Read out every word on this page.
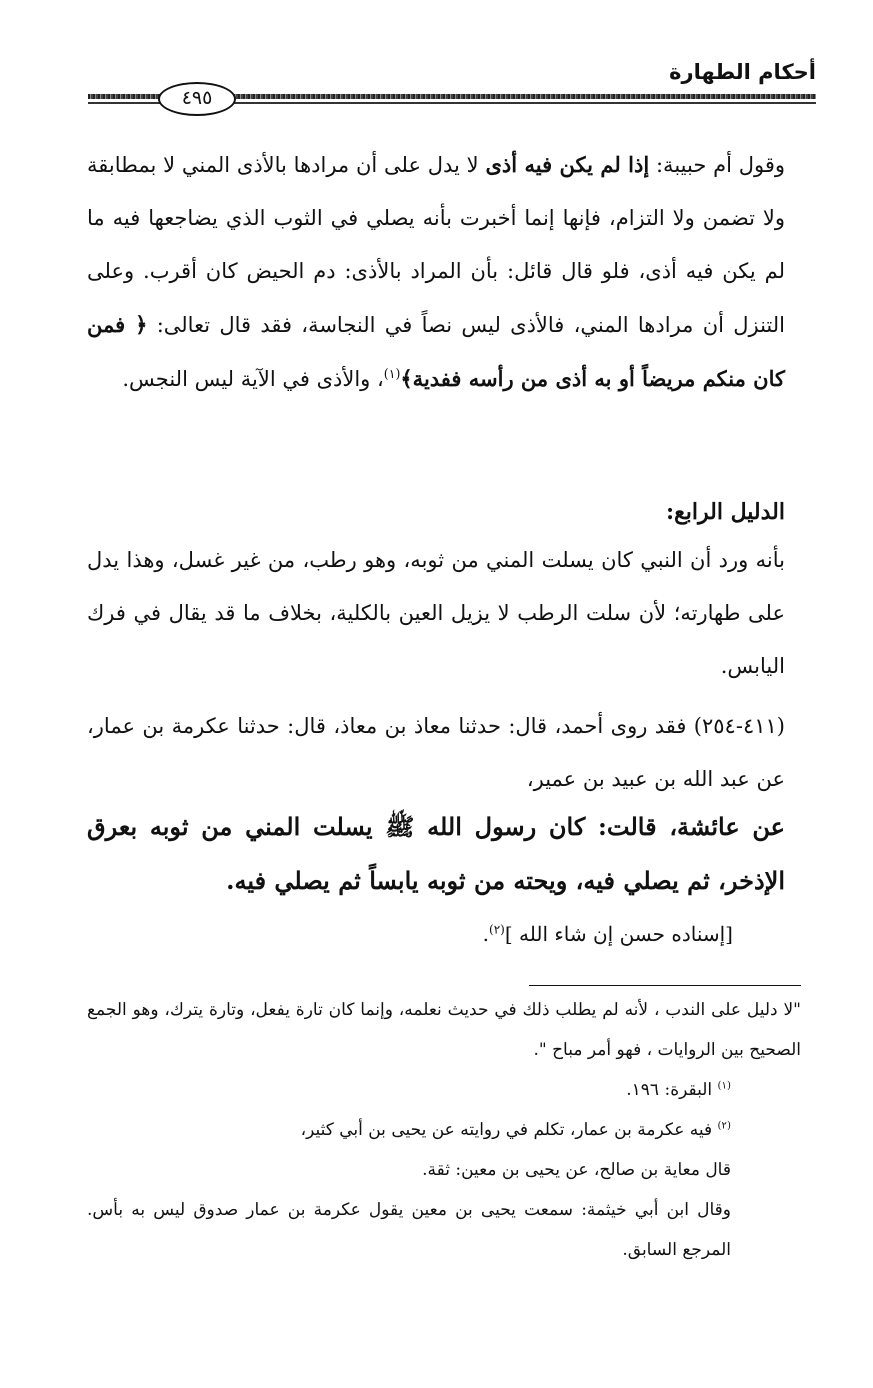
أحكام الطهارة
٤٩٥
وقول أم حبيبة: إذا لم يكن فيه أذى لا يدل على أن مرادها بالأذى المني لا بمطابقة ولا تضمن ولا التزام، فإنها إنما أخبرت بأنه يصلي في الثوب الذي يضاجعها فيه ما لم يكن فيه أذى، فلو قال قائل: بأن المراد بالأذى: دم الحيض كان أقرب. وعلى التنزل أن مرادها المني، فالأذى ليس نصاً في النجاسة، فقد قال تعالى: ﴿ فمن كان منكم مريضاً أو به أذى من رأسه ففدية﴾$^{(١)}$، والأذى في الآية ليس النجس.
الدليل الرابع:
بأنه ورد أن النبي كان يسلت المني من ثوبه، وهو رطب، من غير غسل، وهذا يدل على طهارته؛ لأن سلت الرطب لا يزيل العين بالكلية، بخلاف ما قد يقال في فرك اليابس.
(٤١١-٢٥٤) فقد روى أحمد، قال: حدثنا معاذ بن معاذ، قال: حدثنا عكرمة بن عمار، عن عبد الله بن عبيد بن عمير،
عن عائشة، قالت: كان رسول الله ﷺ يسلت المني من ثوبه بعرق الإذخر، ثم يصلي فيه، ويحته من ثوبه يابساً ثم يصلي فيه.
[إسناده حسن إن شاء الله ]$^{(٢)}$.
"لا دليل على الندب ، لأنه لم يطلب ذلك في حديث نعلمه، وإنما كان تارة يفعل، وتارة يترك، وهو الجمع الصحيح بين الروايات ، فهو أمر مباح ".
$^{(١)}$ البقرة: ١٩٦.
$^{(٢)}$ فيه عكرمة بن عمار، تكلم في روايته عن يحيى بن أبي كثير،
قال معاية بن صالح، عن يحيى بن معين: ثقة.
وقال ابن أبي خيثمة: سمعت يحيى بن معين يقول عكرمة بن عمار صدوق ليس به بأس. المرجع السابق.
